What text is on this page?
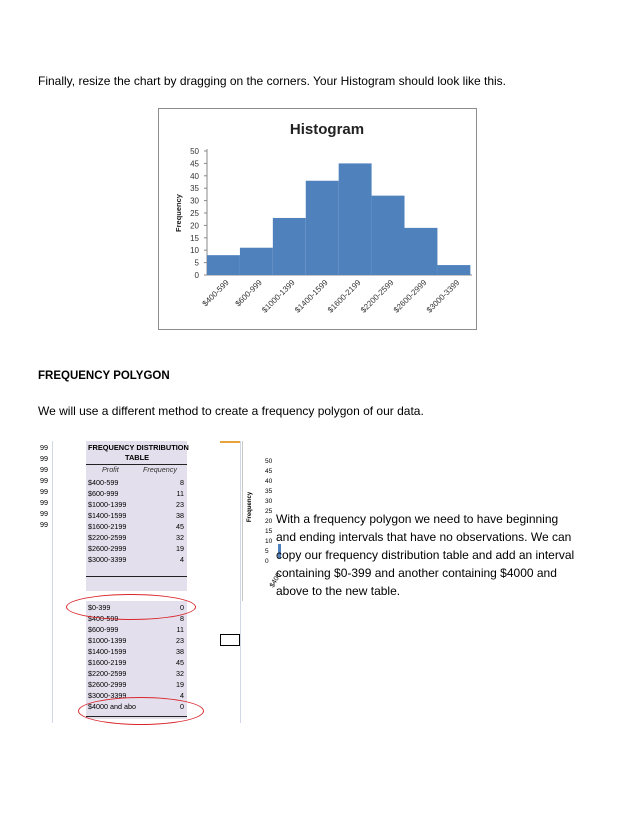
Finally, resize the chart by dragging on the corners. Your Histogram should look like this.
Histogram
Frequency
50
45
40
35
30
25
20
15
10
5
0
$400-599 $600-999
$1000-1399
$1400-1599
$1600-2199
$2200-2599
$2600-2999
$3000-3399
FREQUENCY POLYGON
We will use a different method to create a frequency polygon of our data.
99
99
99
99
99
99
99
99
FREQUENCY DISTRIBUTION
TABLE
Profit	Frequency
$400-599	8
$600-999	11
$1000-1399	23
$1400-1599	38
$1600-2199	45
$2200-2599	32
$2600-2999	19
$3000-3399	4
$0-399	0
$400-599	8
$600-999	11
$1000-1399	23
$1400-1599	38
$1600-2199	45
$2200-2599	32
$2600-2999	19
$3000-3399	4
$4000 and abo	0
50
45
40
35
30
25
20
15
10
5
0
Frequency
$400
With a frequency polygon we need to have beginning and ending intervals that have no observations. We can copy our frequency distribution table and add an interval containing $0-399 and another containing $4000 and above to the new table.
